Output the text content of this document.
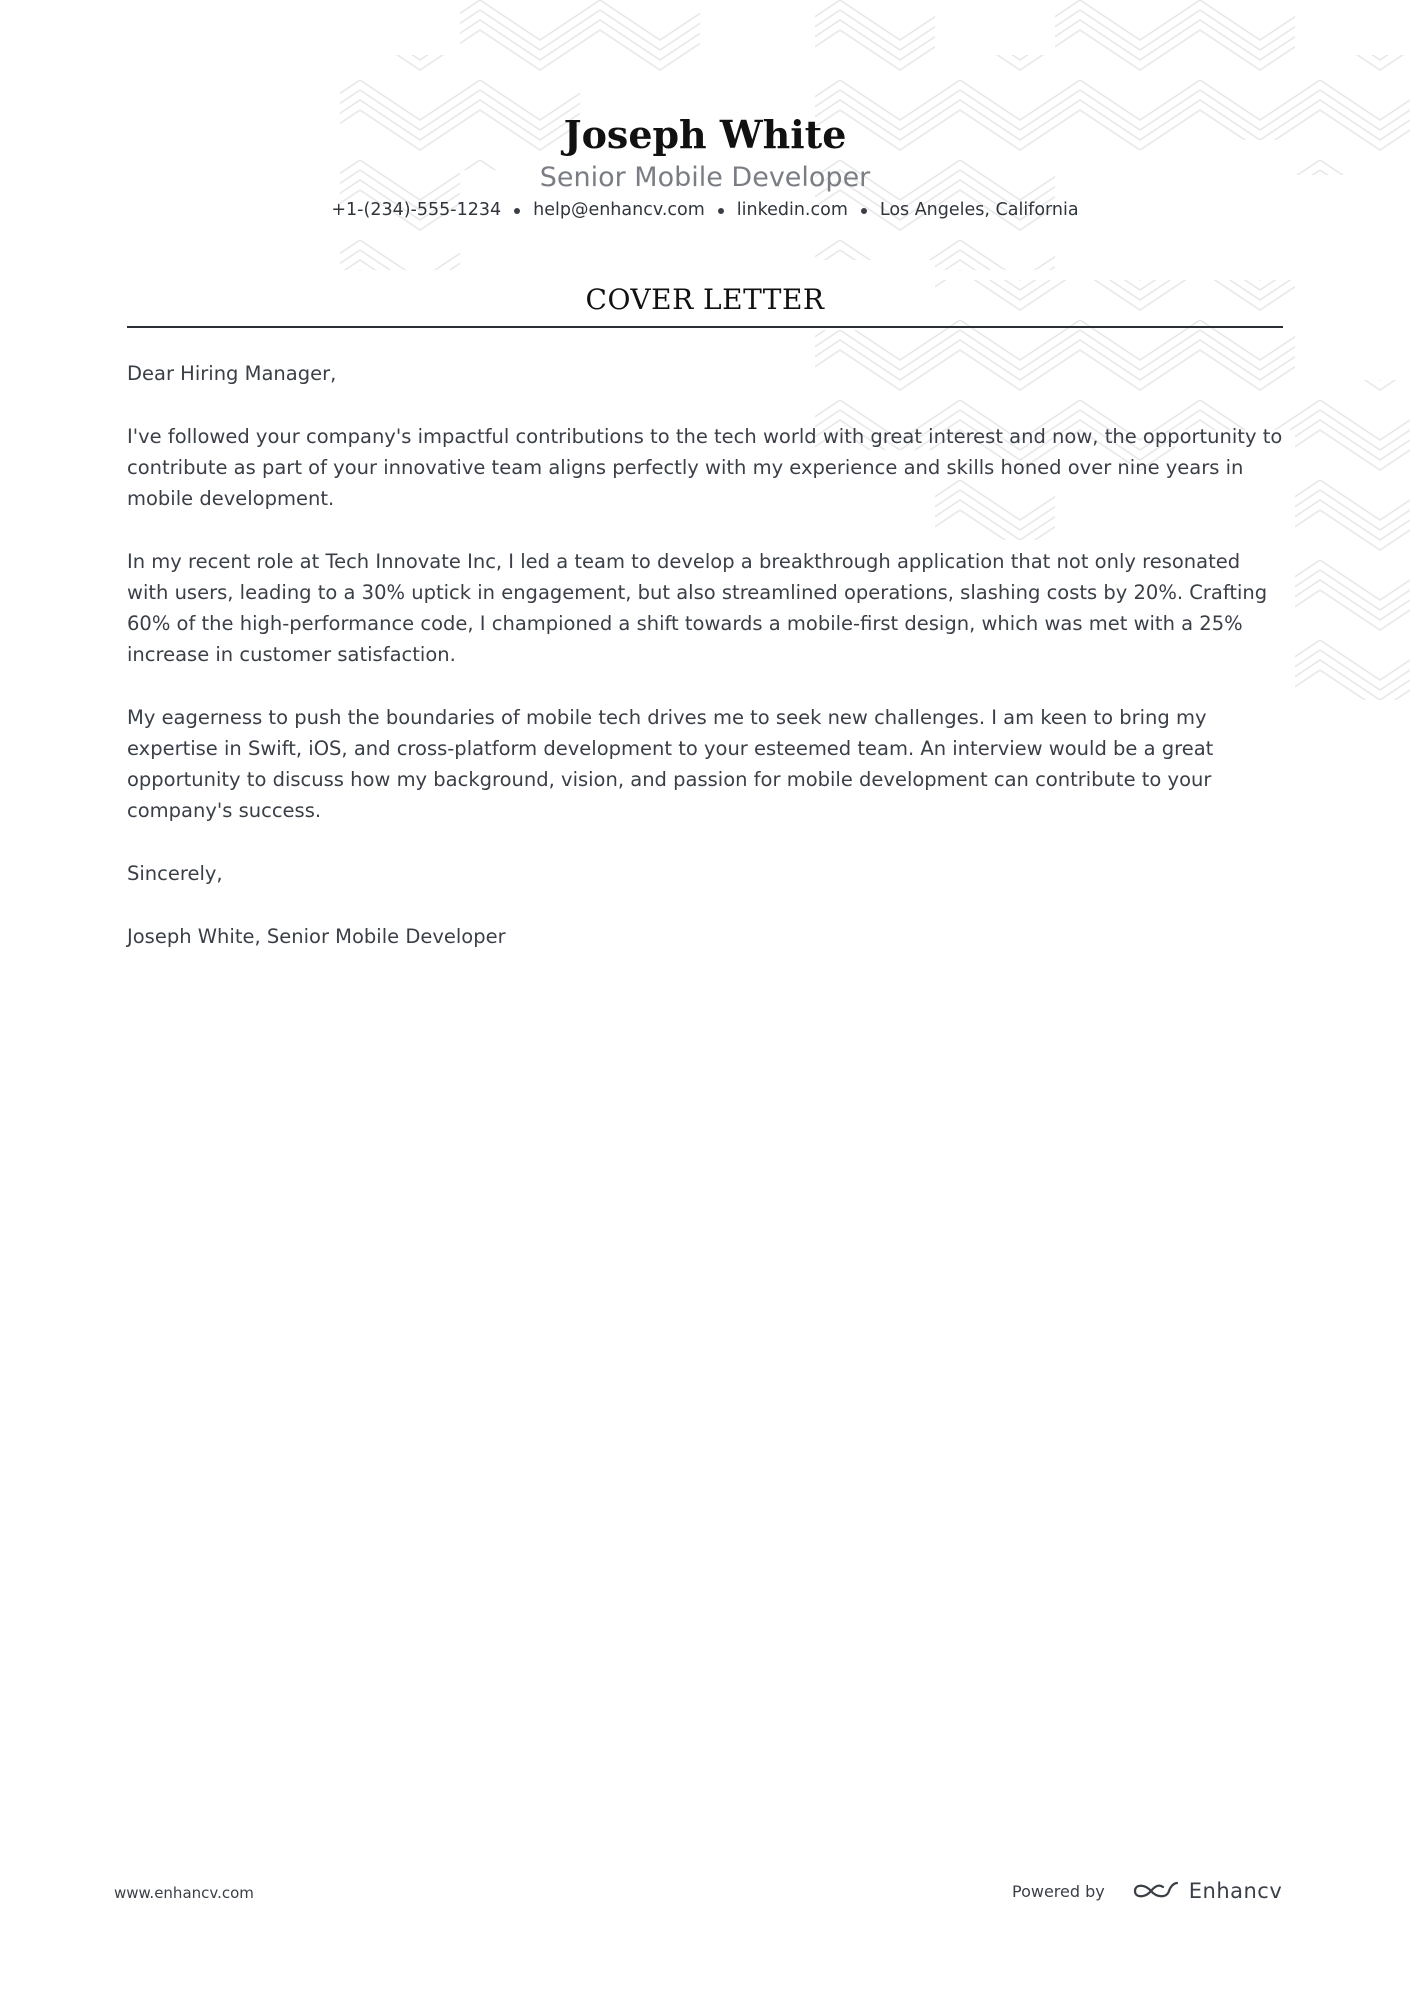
Joseph White

Senior Mobile Developer

+1-(234)-555-1234 help@enhancv.com linkedin.com Los Angeles, California
COVER LETTER

Dear Hiring Manager,

I've followed your company's impactful contributions to the tech world with great interest and now, the opportunity to contribute as part of your innovative team aligns perfectly with my experience and skills honed over nine years in mobile development.

In my recent role at Tech Innovate Inc, I led a team to develop a breakthrough application that not only resonated with users, leading to a 30% uptick in engagement, but also streamlined operations, slashing costs by 20%. Crafting 60% of the high-performance code, I championed a shift towards a mobile-first design, which was met with a 25% increase in customer satisfaction.

My eagerness to push the boundaries of mobile tech drives me to seek new challenges. I am keen to bring my expertise in Swift, iOS, and cross-platform development to your esteemed team. An interview would be a great opportunity to discuss how my background, vision, and passion for mobile development can contribute to your company's success.

Sincerely,

Joseph White, Senior Mobile Developer

www.enhancv.com	Powered by	Enhancv
